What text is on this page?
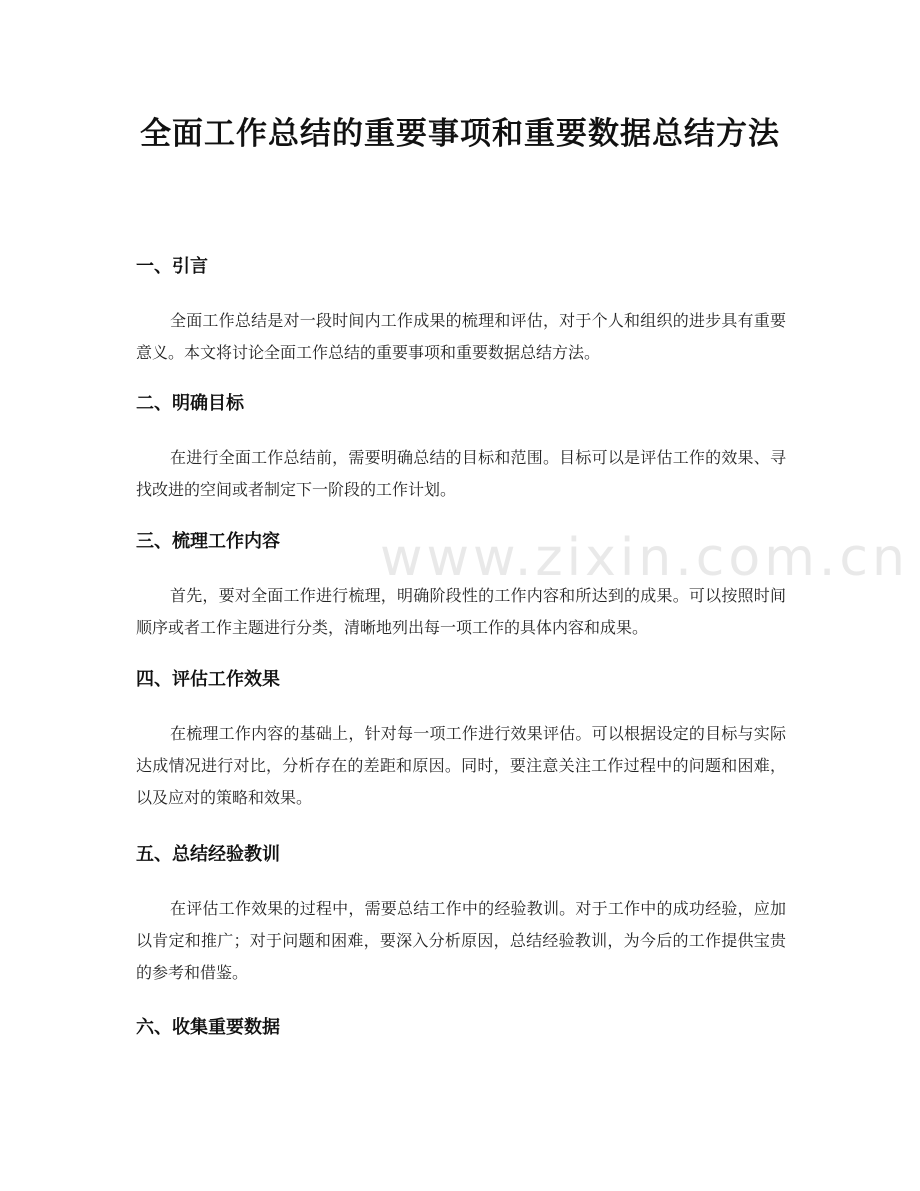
www.zixin.com.cn
全面工作总结的重要事项和重要数据总结方法
一、引言

全面工作总结是对一段时间内工作成果的梳理和评估，对于个人和组织的进步具有重要意义。本文将讨论全面工作总结的重要事项和重要数据总结方法。

二、明确目标

在进行全面工作总结前，需要明确总结的目标和范围。目标可以是评估工作的效果、寻找改进的空间或者制定下一阶段的工作计划。

三、梳理工作内容

首先，要对全面工作进行梳理，明确阶段性的工作内容和所达到的成果。可以按照时间顺序或者工作主题进行分类，清晰地列出每一项工作的具体内容和成果。

四、评估工作效果

在梳理工作内容的基础上，针对每一项工作进行效果评估。可以根据设定的目标与实际达成情况进行对比，分析存在的差距和原因。同时，要注意关注工作过程中的问题和困难，以及应对的策略和效果。

五、总结经验教训

在评估工作效果的过程中，需要总结工作中的经验教训。对于工作中的成功经验，应加以肯定和推广；对于问题和困难，要深入分析原因，总结经验教训，为今后的工作提供宝贵的参考和借鉴。

六、收集重要数据
